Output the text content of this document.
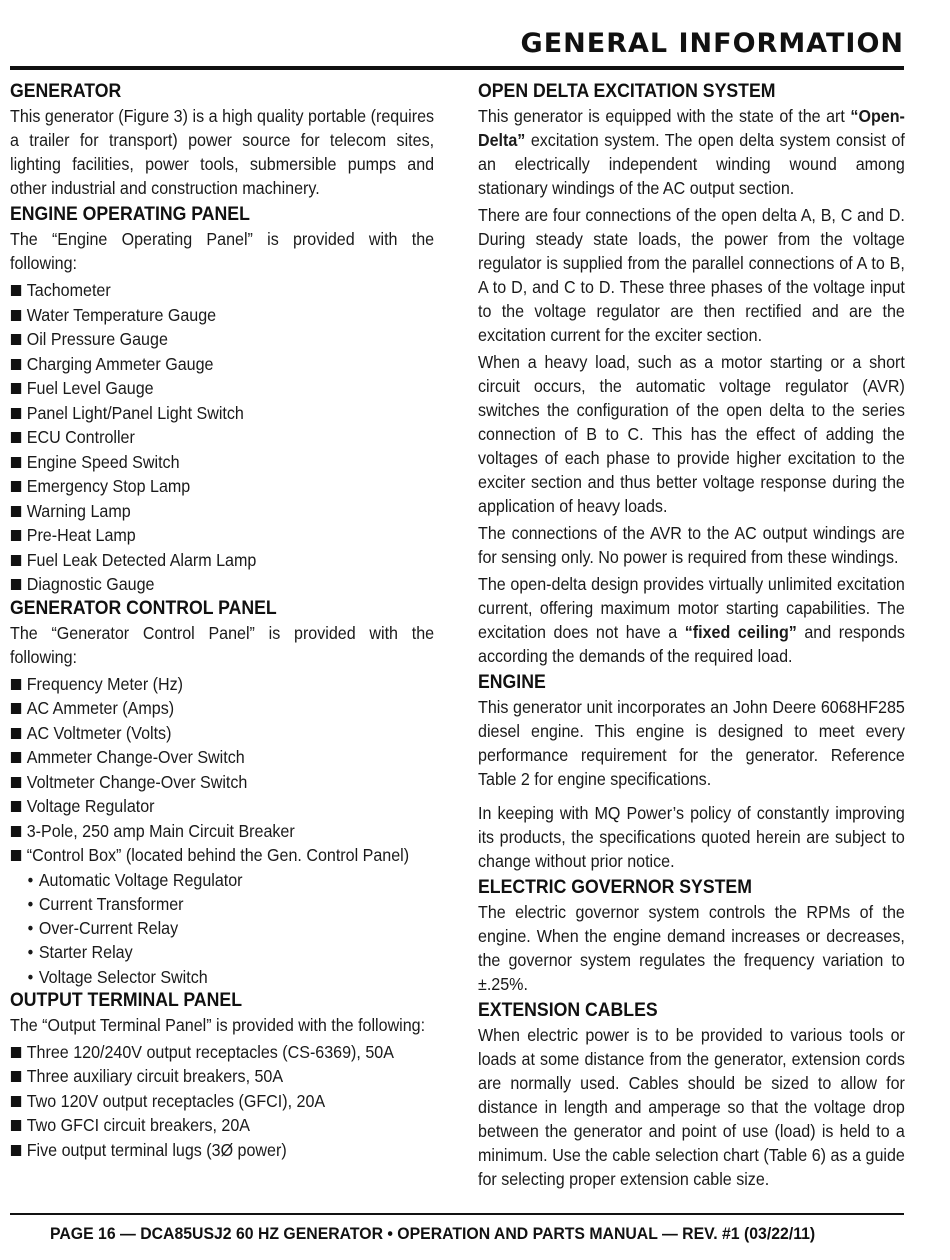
GENERAL INFORMATION
GENERATOR

This generator (Figure 3) is a high quality portable (requires a trailer for transport) power source for telecom sites, lighting facilities, power tools, submersible pumps and other industrial and construction machinery.

ENGINE OPERATING PANEL

The “Engine Operating Panel” is provided with the following:

Tachometer
Water Temperature Gauge
Oil Pressure Gauge
Charging Ammeter Gauge
Fuel Level Gauge
Panel Light/Panel Light Switch
ECU Controller
Engine Speed Switch
Emergency Stop Lamp
Warning Lamp
Pre-Heat Lamp
Fuel Leak Detected Alarm Lamp
Diagnostic Gauge
GENERATOR CONTROL PANEL

The “Generator Control Panel” is provided with the following:

Frequency Meter (Hz)
AC Ammeter (Amps)
AC Voltmeter (Volts)
Ammeter Change-Over Switch
Voltmeter Change-Over Switch
Voltage Regulator
3-Pole, 250 amp Main Circuit Breaker
“Control Box” (located behind the Gen. Control Panel)
• Automatic Voltage Regulator
• Current Transformer
• Over-Current Relay
• Starter Relay
• Voltage Selector Switch
OUTPUT TERMINAL PANEL

The “Output Terminal Panel” is provided with the following:

Three 120/240V output receptacles (CS-6369), 50A
Three auxiliary circuit breakers, 50A
Two 120V output receptacles (GFCI), 20A
Two GFCI circuit breakers, 20A
Five output terminal lugs (3Ø power)
OPEN DELTA EXCITATION SYSTEM

This generator is equipped with the state of the art “Open-Delta” excitation system. The open delta system consist of an electrically independent winding wound among stationary windings of the AC output section.

There are four connections of the open delta A, B, C and D. During steady state loads, the power from the voltage regulator is supplied from the parallel connections of A to B, A to D, and C to D. These three phases of the voltage input to the voltage regulator are then rectified and are the excitation current for the exciter section.

When a heavy load, such as a motor starting or a short circuit occurs, the automatic voltage regulator (AVR) switches the configuration of the open delta to the series connection of B to C. This has the effect of adding the voltages of each phase to provide higher excitation to the exciter section and thus better voltage response during the application of heavy loads.

The connections of the AVR to the AC output windings are for sensing only. No power is required from these windings.

The open-delta design provides virtually unlimited excitation current, offering maximum motor starting capabilities. The excitation does not have a “fixed ceiling” and responds according the demands of the required load.

ENGINE

This generator unit incorporates an John Deere 6068HF285 diesel engine. This engine is designed to meet every performance requirement for the generator. Reference Table 2 for engine specifications.

In keeping with MQ Power’s policy of constantly improving its products, the specifications quoted herein are subject to change without prior notice.

ELECTRIC GOVERNOR SYSTEM

The electric governor system controls the RPMs of the engine. When the engine demand increases or decreases, the governor system regulates the frequency variation to ±.25%.

EXTENSION CABLES

When electric power is to be provided to various tools or loads at some distance from the generator, extension cords are normally used. Cables should be sized to allow for distance in length and amperage so that the voltage drop between the generator and point of use (load) is held to a minimum. Use the cable selection chart (Table 6) as a guide for selecting proper extension cable size.

PAGE 16 — DCA85USJ2 60 HZ GENERATOR • OPERATION AND PARTS MANUAL — REV. #1 (03/22/11)
